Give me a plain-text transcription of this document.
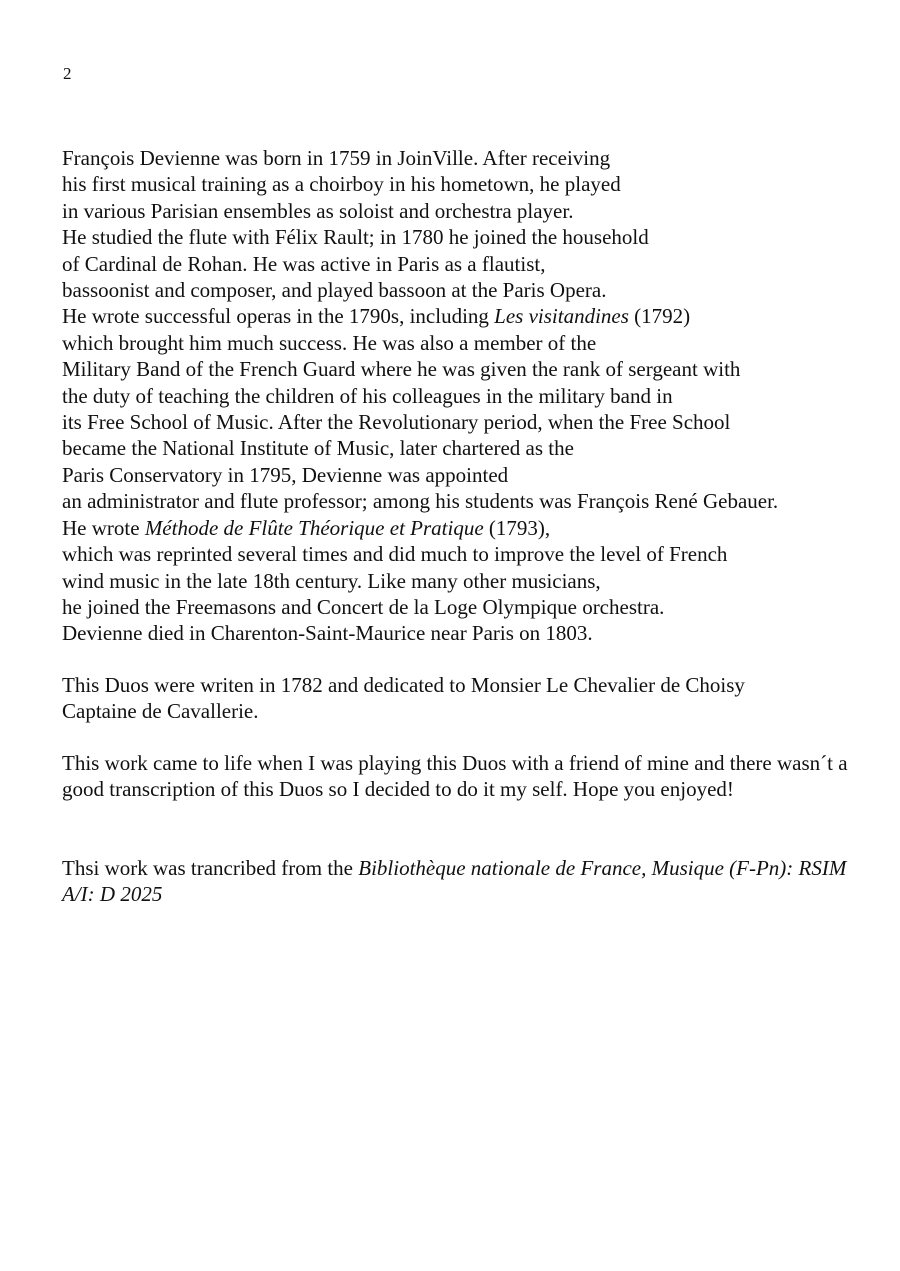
2

François Devienne was born in 1759 in JoinVille. After receiving
his first musical training as a choirboy in his hometown, he played
in various Parisian ensembles as soloist and orchestra player.
He studied the flute with Félix Rault; in 1780 he joined the household
of Cardinal de Rohan. He was active in Paris as a flautist,
bassoonist and composer, and played bassoon at the Paris Opera.
He wrote successful operas in the 1790s, including Les visitandines (1792)
which brought him much success. He was also a member of the
Military Band of the French Guard where he was given the rank of sergeant with
the duty of teaching the children of his colleagues in the military band in
its Free School of Music. After the Revolutionary period, when the Free School
became the National Institute of Music, later chartered as the
Paris Conservatory in 1795, Devienne was appointed
an administrator and flute professor; among his students was François René Gebauer.
He wrote Méthode de Flûte Théorique et Pratique (1793),
which was reprinted several times and did much to improve the level of French
wind music in the late 18th century. Like many other musicians,
he joined the Freemasons and Concert de la Loge Olympique orchestra.
Devienne died in Charenton-Saint-Maurice near Paris on 1803.

This Duos were writen in 1782 and dedicated to Monsier Le Chevalier de Choisy
Captaine de Cavallerie.

This work came to life when I was playing this Duos with a friend of mine and there wasn´t a good transcription of this Duos so I decided to do it my self. Hope you enjoyed!

Thsi work was trancribed from the Bibliothèque nationale de France, Musique (F-Pn): RSIM A/I: D 2025
